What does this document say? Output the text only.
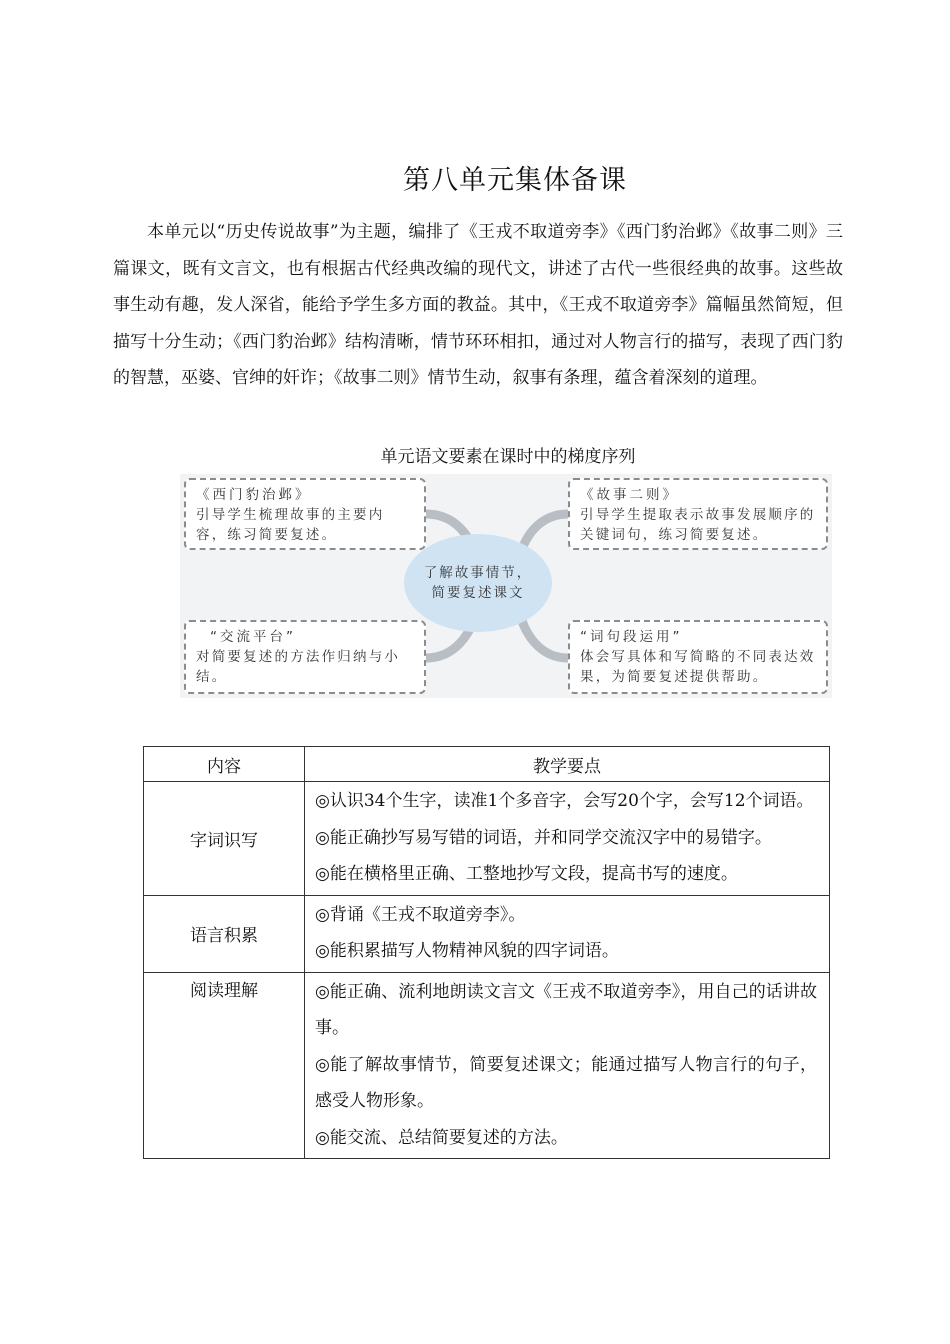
第八单元集体备课

本单元以“历史传说故事”为主题，编排了《王戎不取道旁李》《西门豹治邺》《故事二则》三篇课文，既有文言文，也有根据古代经典改编的现代文，讲述了古代一些很经典的故事。这些故事生动有趣，发人深省，能给予学生多方面的教益。其中，《王戎不取道旁李》篇幅虽然简短，但描写十分生动；《西门豹治邺》结构清晰，情节环环相扣，通过对人物言行的描写，表现了西门豹的智慧，巫婆、官绅的奸诈；《故事二则》情节生动，叙事有条理，蕴含着深刻的道理。

单元语文要素在课时中的梯度序列

《西门豹治邺》
引导学生梳理故事的主要内容，练习简要复述。
《故事二则》
引导学生提取表示故事发展顺序的关键词句，练习简要复述。
了解故事情节，
简要复述课文
“交流平台”
对简要复述的方法作归纳与小结。
“词句段运用”
体会写具体和写简略的不同表达效果，为简要复述提供帮助。
内容	教学要点
字词识写	◎认识34个生字，读准1个多音字，会写20个字，会写12个词语。

◎能正确抄写易写错的词语，并和同学交流汉字中的易错字。

◎能在横格里正确、工整地抄写文段，提高书写的速度。

语言积累	◎背诵《王戎不取道旁李》。

◎能积累描写人物精神风貌的四字词语。

阅读理解	◎能正确、流利地朗读文言文《王戎不取道旁李》，用自己的话讲故事。

◎能了解故事情节，简要复述课文；能通过描写人物言行的句子，感受人物形象。

◎能交流、总结简要复述的方法。
